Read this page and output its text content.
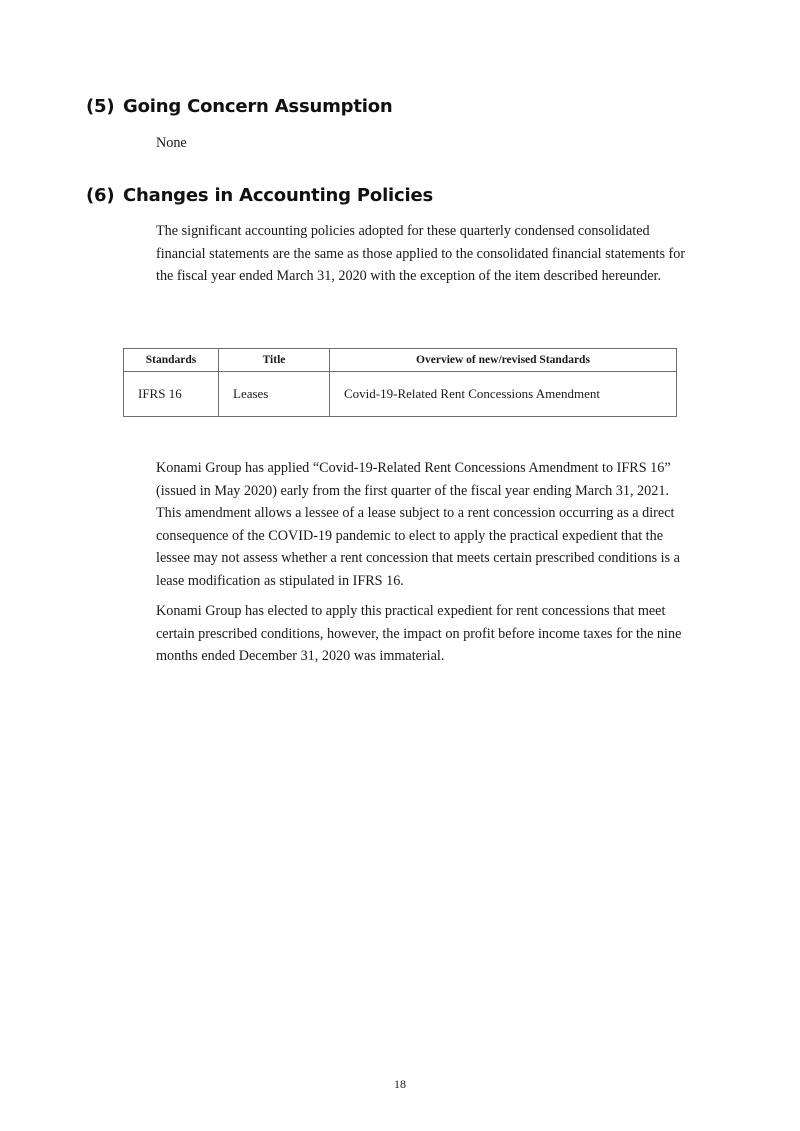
(5) Going Concern Assumption

None

(6) Changes in Accounting Policies

The significant accounting policies adopted for these quarterly condensed consolidated financial statements are the same as those applied to the consolidated financial statements for the fiscal year ended March 31, 2020 with the exception of the item described hereunder.

Standards	Title	Overview of new/revised Standards
IFRS 16	Leases	Covid-19-Related Rent Concessions Amendment

Konami Group has applied “Covid-19-Related Rent Concessions Amendment to IFRS 16” (issued in May 2020) early from the first quarter of the fiscal year ending March 31, 2021. This amendment allows a lessee of a lease subject to a rent concession occurring as a direct consequence of the COVID-19 pandemic to elect to apply the practical expedient that the lessee may not assess whether a rent concession that meets certain prescribed conditions is a lease modification as stipulated in IFRS 16.

Konami Group has elected to apply this practical expedient for rent concessions that meet certain prescribed conditions, however, the impact on profit before income taxes for the nine months ended December 31, 2020 was immaterial.

18
